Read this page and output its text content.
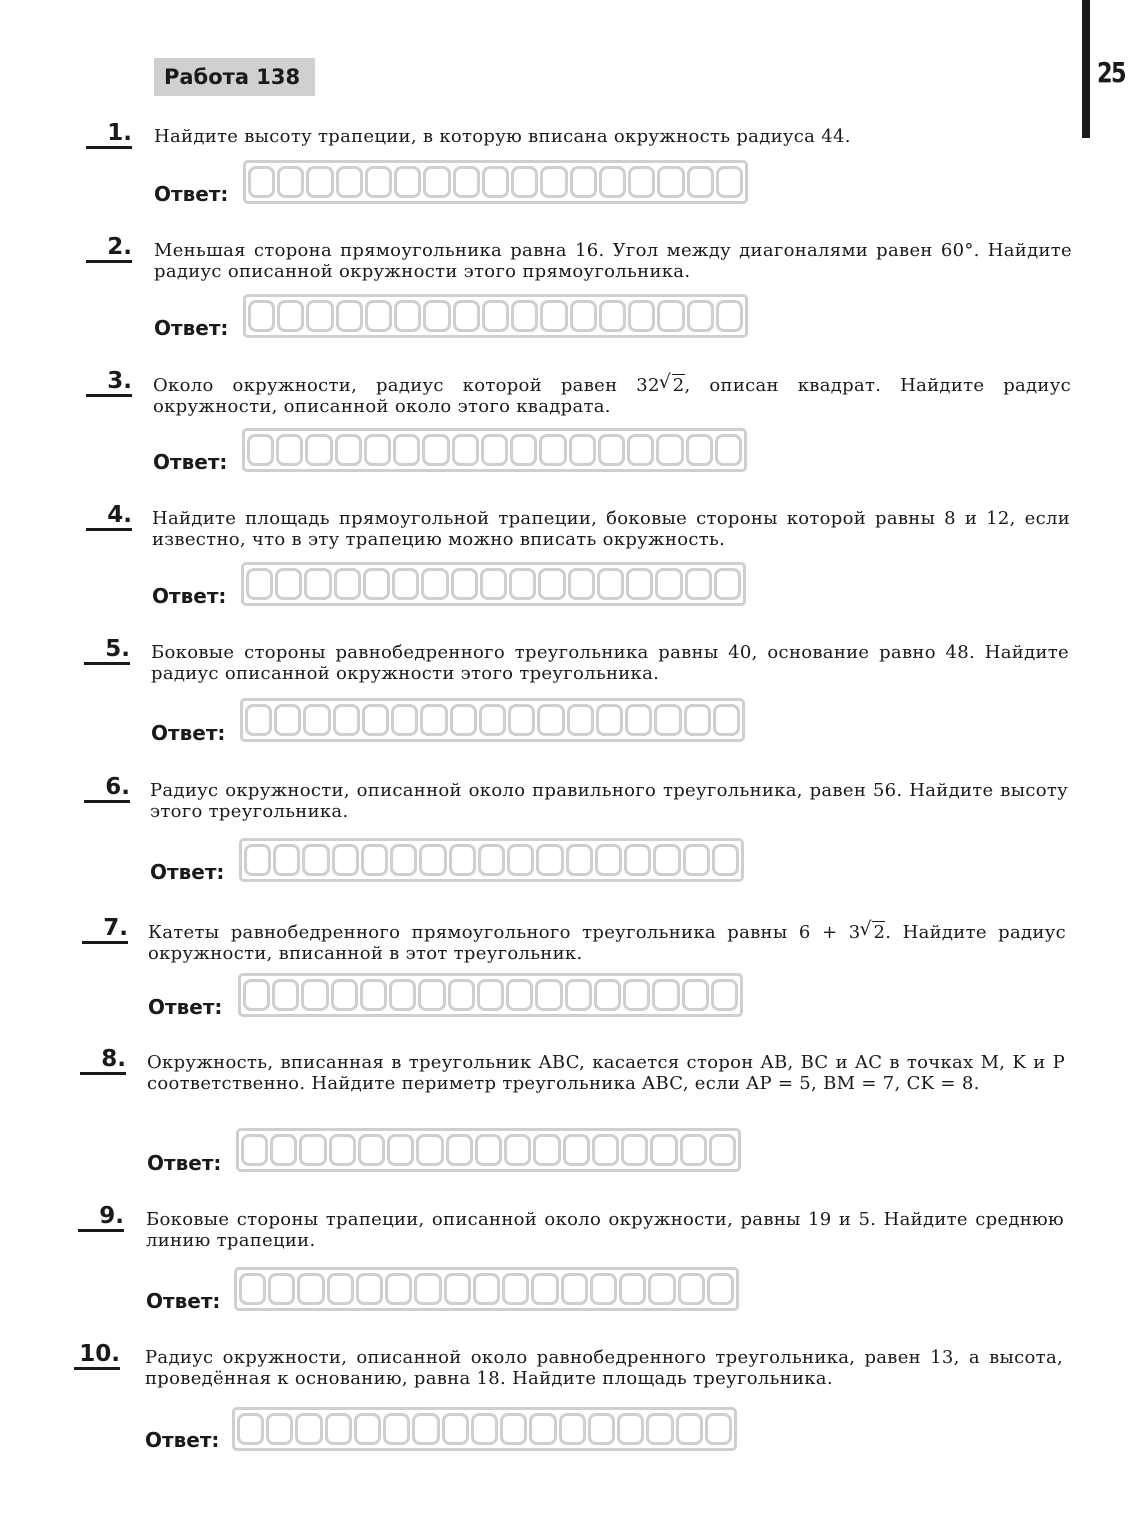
25
Работа 138
1. Найдите высоту трапеции, в которую вписана окружность радиуса 44.
Ответ:
2. Меньшая сторона прямоугольника равна 16. Угол между диагоналями равен 60°. Найдите радиус описанной окружности этого прямоугольника.
Ответ:
3. Около окружности, радиус которой равен 32 √ 2, описан квадрат. Найдите радиус окружности, описанной около этого квадрата.
Ответ:
4. Найдите площадь прямоугольной трапеции, боковые стороны которой равны 8 и 12, если известно, что в эту трапецию можно вписать окружность.
Ответ:
5. Боковые стороны равнобедренного треугольника равны 40, основание равно 48. Найдите радиус описанной окружности этого треугольника.
Ответ:
6. Радиус окружности, описанной около правильного треугольника, равен 56. Найдите высоту этого треугольника.
Ответ:
7. Катеты равнобедренного прямоугольного треугольника равны 6 + 3 √ 2. Найдите радиус окружности, вписанной в этот треугольник.
Ответ:
8. Окружность, вписанная в треугольник ABC, касается сторон AB, BC и AC в точках M, K и P соответственно. Найдите периметр треугольника ABC, если AP = 5, BM = 7, CK = 8.
Ответ:
9. Боковые стороны трапеции, описанной около окружности, равны 19 и 5. Найдите среднюю линию трапеции.
Ответ:
10. Радиус окружности, описанной около равнобедренного треугольника, равен 13, а высота, проведённая к основанию, равна 18. Найдите площадь треугольника.
Ответ:
